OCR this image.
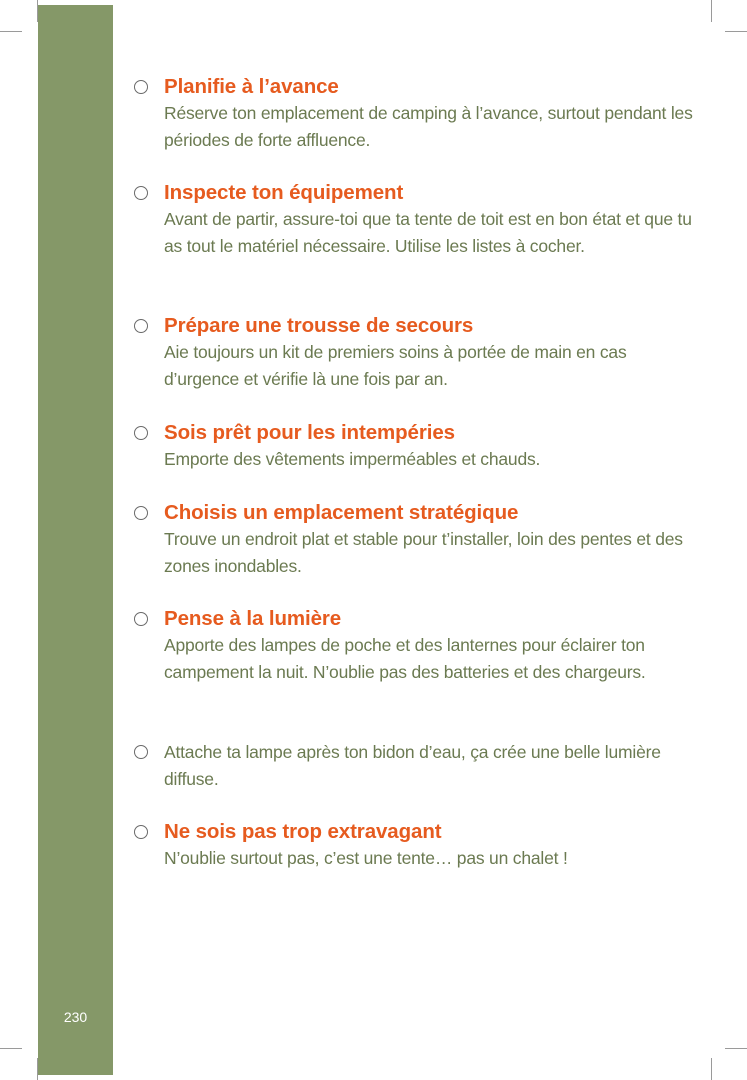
TRUCS DE PROS DU CAMPING
230
Planifie à l’avance
Réserve ton emplacement de camping à l’avance, surtout pendant les périodes de forte affluence.
Inspecte ton équipement
Avant de partir, assure-toi que ta tente de toit est en bon état et que tu as tout le matériel nécessaire. Utilise les listes à cocher.
Prépare une trousse de secours
Aie toujours un kit de premiers soins à portée de main en cas d’urgence et vérifie là une fois par an.
Sois prêt pour les intempéries
Emporte des vêtements imperméables et chauds.
Choisis un emplacement stratégique
Trouve un endroit plat et stable pour t’installer, loin des pentes et des zones inondables.
Pense à la lumière
Apporte des lampes de poche et des lanternes pour éclairer ton campement la nuit. N’oublie pas des batteries et des chargeurs.
Attache ta lampe après ton bidon d’eau, ça crée une belle lumière diffuse.
Ne sois pas trop extravagant
N’oublie surtout pas, c’est une tente… pas un chalet !
